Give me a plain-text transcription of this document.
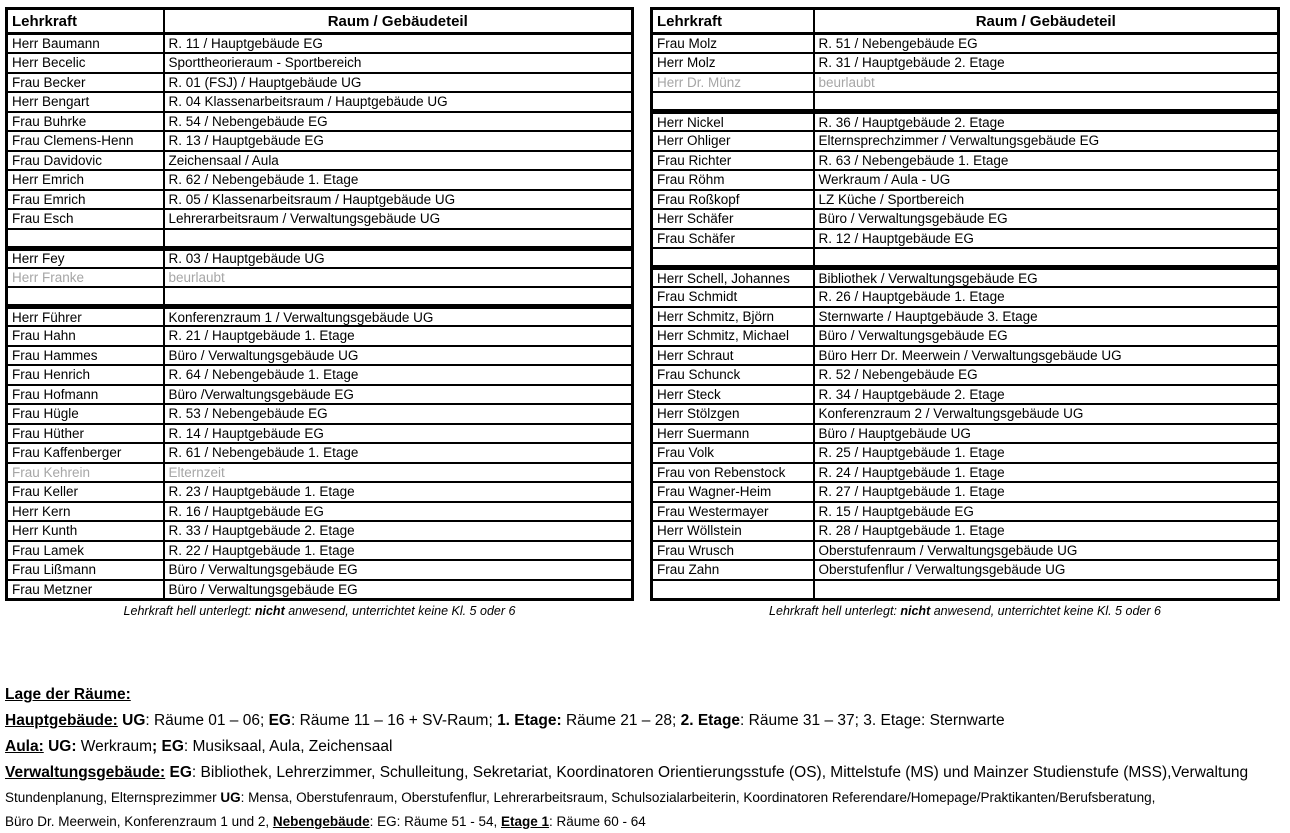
Lehrkraft	Raum / Gebäudeteil
Herr Baumann	R. 11 / Hauptgebäude EG
Herr Becelic	Sporttheorieraum - Sportbereich
Frau Becker	R. 01 (FSJ) / Hauptgebäude UG
Herr Bengart	R. 04 Klassenarbeitsraum / Hauptgebäude UG
Frau Buhrke	R. 54 / Nebengebäude EG
Frau Clemens-Henn	R. 13 / Hauptgebäude EG
Frau Davidovic	Zeichensaal / Aula
Herr Emrich	R. 62 / Nebengebäude 1. Etage
Frau Emrich	R. 05 / Klassenarbeitsraum / Hauptgebäude UG
Frau Esch	Lehrerarbeitsraum / Verwaltungsgebäude UG

Herr Fey	R. 03 / Hauptgebäude UG
Herr Franke	beurlaubt

Herr Führer	Konferenzraum 1 / Verwaltungsgebäude UG
Frau Hahn	R. 21 / Hauptgebäude 1. Etage
Frau Hammes	Büro / Verwaltungsgebäude UG
Frau Henrich	R. 64 / Nebengebäude 1. Etage
Frau Hofmann	Büro /Verwaltungsgebäude EG
Frau Hügle	R. 53 / Nebengebäude EG
Frau Hüther	R. 14 / Hauptgebäude EG
Frau Kaffenberger	R. 61 / Nebengebäude 1. Etage
Frau Kehrein	Elternzeit
Frau Keller	R. 23 / Hauptgebäude 1. Etage
Herr Kern	R. 16 / Hauptgebäude EG
Herr Kunth	R. 33 / Hauptgebäude 2. Etage
Frau Lamek	R. 22 / Hauptgebäude 1. Etage
Frau Lißmann	Büro / Verwaltungsgebäude EG
Frau Metzner	Büro / Verwaltungsgebäude EG
Lehrkraft hell unterlegt: nicht anwesend, unterrichtet keine Kl. 5 oder 6
Lehrkraft	Raum / Gebäudeteil
Frau Molz	R. 51 / Nebengebäude EG
Herr Molz	R. 31 / Hauptgebäude 2. Etage
Herr Dr. Münz	beurlaubt

Herr Nickel	R. 36 / Hauptgebäude 2. Etage
Herr Ohliger	Elternsprechzimmer / Verwaltungsgebäude EG
Frau Richter	R. 63 / Nebengebäude 1. Etage
Frau Röhm	Werkraum / Aula - UG
Frau Roßkopf	LZ Küche / Sportbereich
Herr Schäfer	Büro / Verwaltungsgebäude EG
Frau Schäfer	R. 12 / Hauptgebäude EG

Herr Schell, Johannes	Bibliothek / Verwaltungsgebäude EG
Frau Schmidt	R. 26 / Hauptgebäude 1. Etage
Herr Schmitz, Björn	Sternwarte / Hauptgebäude 3. Etage
Herr Schmitz, Michael	Büro / Verwaltungsgebäude EG
Herr Schraut	Büro Herr Dr. Meerwein / Verwaltungsgebäude UG
Frau Schunck	R. 52 / Nebengebäude EG
Herr Steck	R. 34 / Hauptgebäude 2. Etage
Herr Stölzgen	Konferenzraum 2 / Verwaltungsgebäude UG
Herr Suermann	Büro / Hauptgebäude UG
Frau Volk	R. 25 / Hauptgebäude 1. Etage
Frau von Rebenstock	R. 24 / Hauptgebäude 1. Etage
Frau Wagner-Heim	R. 27 / Hauptgebäude 1. Etage
Frau Westermayer	R. 15 / Hauptgebäude EG
Herr Wöllstein	R. 28 / Hauptgebäude 1. Etage
Frau Wrusch	Oberstufenraum / Verwaltungsgebäude UG
Frau Zahn	Oberstufenflur / Verwaltungsgebäude UG

Lehrkraft hell unterlegt: nicht anwesend, unterrichtet keine Kl. 5 oder 6
Lage der Räume:
Hauptgebäude: UG: Räume 01 – 06; EG: Räume 11 – 16 + SV-Raum; 1. Etage: Räume 21 – 28; 2. Etage: Räume 31 – 37; 3. Etage: Sternwarte
Aula: UG: Werkraum; EG: Musiksaal, Aula, Zeichensaal
Verwaltungsgebäude: EG: Bibliothek, Lehrerzimmer, Schulleitung, Sekretariat, Koordinatoren Orientierungsstufe (OS), Mittelstufe (MS) und Mainzer Studienstufe (MSS),Verwaltung
Stundenplanung, Elternsprezimmer UG: Mensa, Oberstufenraum, Oberstufenflur, Lehrerarbeitsraum, Schulsozialarbeiterin, Koordinatoren Referendare/Homepage/Praktikanten/Berufsberatung,
Büro Dr. Meerwein, Konferenzraum 1 und 2, Nebengebäude: EG: Räume 51 - 54, Etage 1: Räume 60 - 64
